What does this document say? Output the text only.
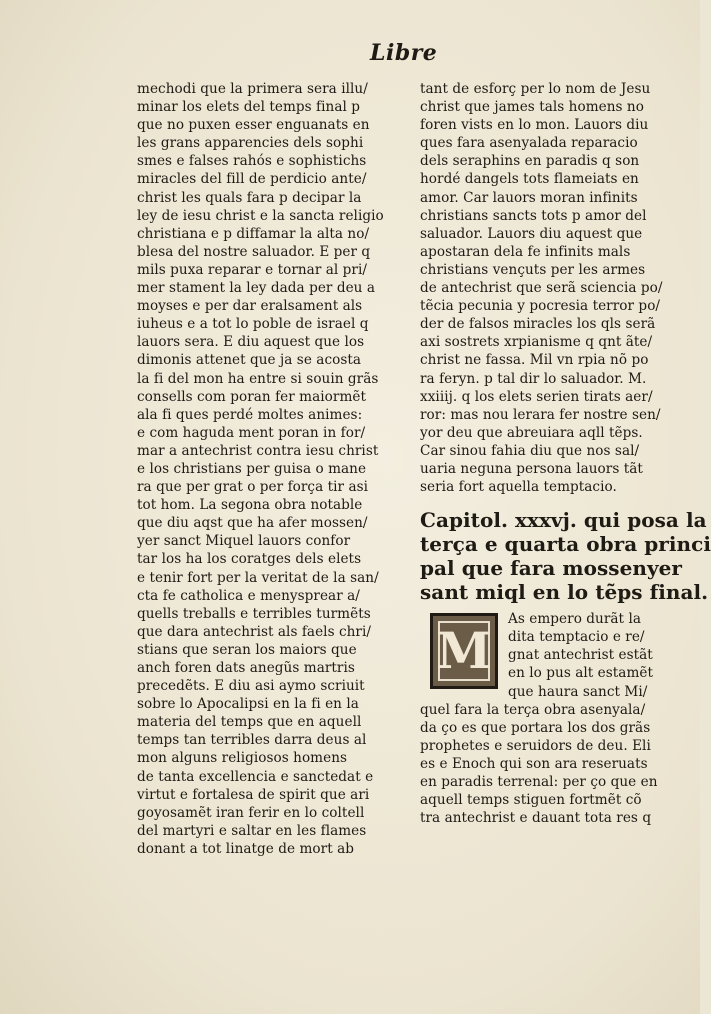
Libre
mechodi que la primera sera illu/
minar los elets del temps final p
que no puxen esser enguanats en
les grans apparencies dels sophi
smes e falses rahós e sophistichs
miracles del fill de perdicio ante/
christ les quals fara p decipar la
ley de iesu christ e la sancta religio
christiana e p diffamar la alta no/
blesa del nostre saluador. E per q
mils puxa reparar e tornar al pri/
mer stament la ley dada per deu a
moyses e per dar eralsament als
iuheus e a tot lo poble de israel q
lauors sera. E diu aquest que los
dimonis attenet que ja se acosta
la fi del mon ha entre si souin grãs
consells com poran fer maiormẽt
ala fi ques perdé moltes animes:
e com haguda ment poran in for/
mar a antechrist contra iesu christ
e los christians per guisa o mane
ra que per grat o per força tir asi
tot hom. La segona obra notable
que diu aqst que ha afer mossen/
yer sanct Miquel lauors confor
tar los ha los coratges dels elets
e tenir fort per la veritat de la san/
cta fe catholica e menysprear a/
quells treballs e terribles turmẽts
que dara antechrist als faels chri/
stians que seran los maiors que
anch foren dats anegũs martris
precedẽts. E diu asi aymo scriuit
sobre lo Apocalipsi en la fi en la
materia del temps que en aquell
temps tan terribles darra deus al
mon alguns religiosos homens
de tanta excellencia e sanctedat e
virtut e fortalesa de spirit que ari
goyosamẽt iran ferir en lo coltell
del martyri e saltar en les flames
donant a tot linatge de mort ab
tant de esforç per lo nom de Jesu
christ que james tals homens no
foren vists en lo mon. Lauors diu
ques fara asenyalada reparacio
dels seraphins en paradis q son
hordé dangels tots flameiats en
amor. Car lauors moran infinits
christians sancts tots p amor del
saluador. Lauors diu aquest que
apostaran dela fe infinits mals
christians vençuts per les armes
de antechrist que serã sciencia po/
tẽcia pecunia y pocresia terror po/
der de falsos miracles los qls serã
axi sostrets xrpianisme q qnt ãte/
christ ne fassa. Mil vn rpia nõ po
ra feryn. p tal dir lo saluador. M.
xxiiij. q los elets serien tirats aer/
ror: mas nou lerara fer nostre sen/
yor deu que abreuiara aqll tẽps.
Car sinou fahia diu que nos sal/
uaria neguna persona lauors tãt
seria fort aquella temptacio.
Capitol. xxxvj. qui posa la
terça e quarta obra princi
pal que fara mossenyer
sant miql en lo tẽps final.
M
As empero durãt la
dita temptacio e re/
gnat antechrist estãt
en lo pus alt estamẽt
que haura sanct Mi/
quel fara la terça obra asenyala/
da ço es que portara los dos grãs
prophetes e seruidors de deu. Eli
es e Enoch qui son ara reseruats
en paradis terrenal: per ço que en
aquell temps stiguen fortmẽt cõ
tra antechrist e dauant tota res q
